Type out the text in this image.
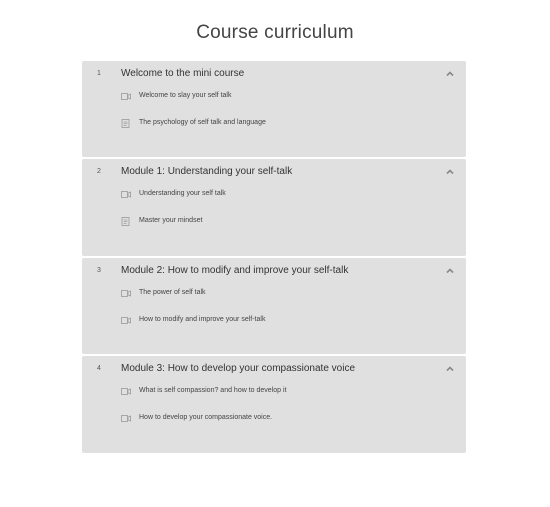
Course curriculum
1 Welcome to the mini course
Welcome to slay your self talk
The psychology of self talk and language
2 Module 1: Understanding your self-talk
Understanding your self talk
Master your mindset
3 Module 2: How to modify and improve your self-talk
The power of self talk
How to modify and improve your self-talk
4 Module 3: How to develop your compassionate voice
What is self compassion? and how to develop it
How to develop your compassionate voice.
